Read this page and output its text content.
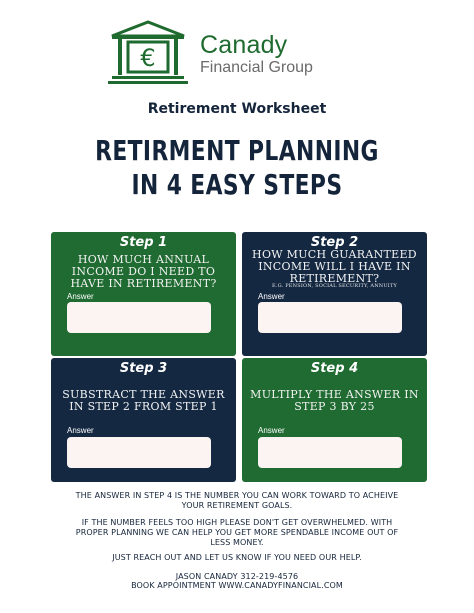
€ Canady
Financial Group
Retirement Worksheet
RETIRMENT PLANNING
IN 4 EASY STEPS
Step 1
HOW MUCH ANNUAL
INCOME DO I NEED TO
HAVE IN RETIREMENT?
Answer
Step 2
HOW MUCH GUARANTEED
INCOME WILL I HAVE IN
RETIREMENT?
E.G. PENSION, SOCIAL SECURITY, ANNUITY
Answer
Step 3
SUBSTRACT THE ANSWER
IN STEP 2 FROM STEP 1
Answer
Step 4
MULTIPLY THE ANSWER IN
STEP 3 BY 25
Answer
THE ANSWER IN STEP 4 IS THE NUMBER YOU CAN WORK TOWARD TO ACHEIVE
YOUR RETIREMENT GOALS.
IF THE NUMBER FEELS TOO HIGH PLEASE DON'T GET OVERWHELMED. WITH
PROPER PLANNING WE CAN HELP YOU GET MORE SPENDABLE INCOME OUT OF
LESS MONEY.
JUST REACH OUT AND LET US KNOW IF YOU NEED OUR HELP.
JASON CANADY 312-219-4576
BOOK APPOINTMENT WWW.CANADYFINANCIAL.COM
